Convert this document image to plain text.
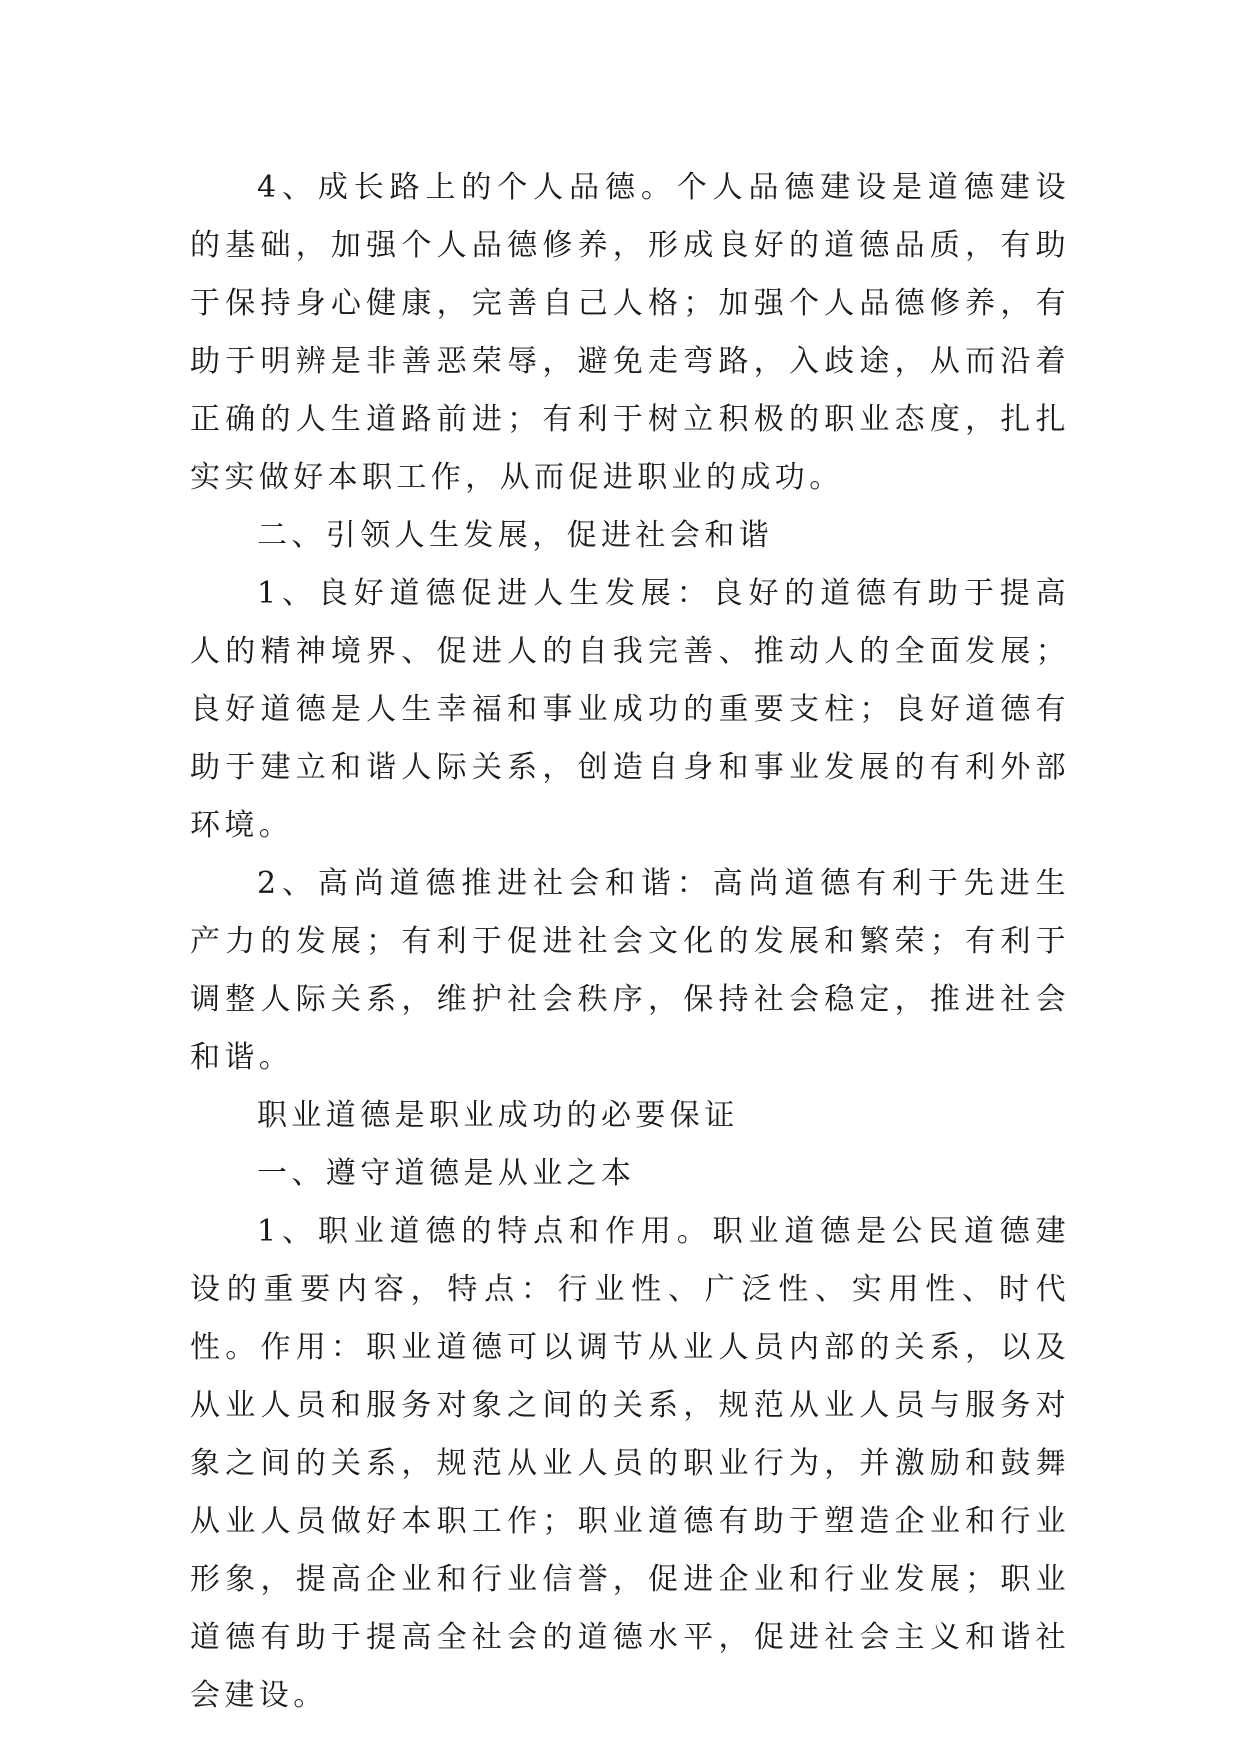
4、成长路上的个人品德。个人品德建设是道德建设的基础，加强个人品德修养，形成良好的道德品质，有助于保持身心健康，完善自己人格；加强个人品德修养，有助于明辨是非善恶荣辱，避免走弯路，入歧途，从而沿着正确的人生道路前进；有利于树立积极的职业态度，扎扎实实做好本职工作，从而促进职业的成功。

二、引领人生发展，促进社会和谐

1、良好道德促进人生发展：良好的道德有助于提高人的精神境界、促进人的自我完善、推动人的全面发展；良好道德是人生幸福和事业成功的重要支柱；良好道德有助于建立和谐人际关系，创造自身和事业发展的有利外部环境。

2、高尚道德推进社会和谐：高尚道德有利于先进生产力的发展；有利于促进社会文化的发展和繁荣；有利于调整人际关系，维护社会秩序，保持社会稳定，推进社会和谐。

职业道德是职业成功的必要保证

一、遵守道德是从业之本

1、职业道德的特点和作用。职业道德是公民道德建设的重要内容，特点：行业性、广泛性、实用性、时代性。作用：职业道德可以调节从业人员内部的关系，以及从业人员和服务对象之间的关系，规范从业人员与服务对象之间的关系，规范从业人员的职业行为，并激励和鼓舞从业人员做好本职工作；职业道德有助于塑造企业和行业形象，提高企业和行业信誉，促进企业和行业发展；职业道德有助于提高全社会的道德水平，促进社会主义和谐社会建设。
